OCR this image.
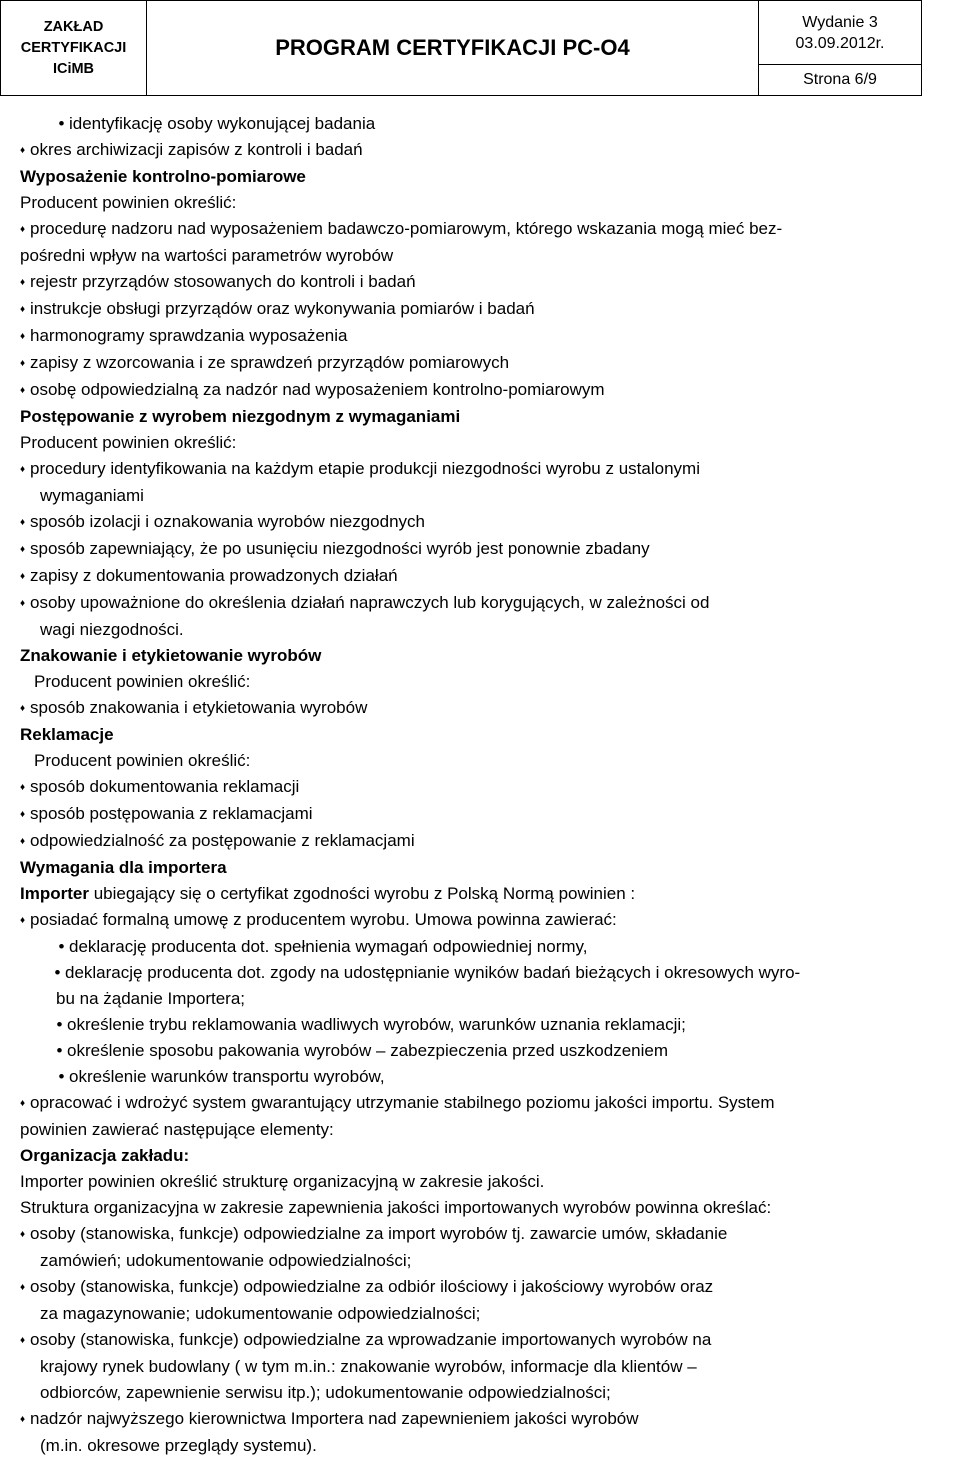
ZAKŁAD
CERTYFIKACJI
ICiMB
PROGRAM CERTYFIKACJI PC-O4
Wydanie 3
03.09.2012r.
Strona 6/9
• identyfikację osoby wykonującej badania
♦ okres archiwizacji zapisów z kontroli i badań
Wyposażenie kontrolno-pomiarowe
Producent powinien określić:
♦ procedurę nadzoru nad wyposażeniem badawczo-pomiarowym, którego wskazania mogą mieć bez-
pośredni wpływ na wartości parametrów wyrobów
♦ rejestr przyrządów stosowanych do kontroli i badań
♦ instrukcje obsługi przyrządów oraz wykonywania pomiarów i badań
♦ harmonogramy sprawdzania wyposażenia
♦ zapisy z wzorcowania i ze sprawdzeń przyrządów pomiarowych
♦ osobę odpowiedzialną za nadzór nad wyposażeniem kontrolno-pomiarowym
Postępowanie z wyrobem niezgodnym z wymaganiami
Producent powinien określić:
♦ procedury identyfikowania na każdym etapie produkcji niezgodności wyrobu z ustalonymi
wymaganiami
♦ sposób izolacji i oznakowania wyrobów niezgodnych
♦ sposób zapewniający, że po usunięciu niezgodności wyrób jest ponownie zbadany
♦ zapisy z dokumentowania prowadzonych działań
♦ osoby upoważnione do określenia działań naprawczych lub korygujących, w zależności od
wagi niezgodności.
Znakowanie i etykietowanie wyrobów
Producent powinien określić:
♦ sposób znakowania i etykietowania wyrobów
Reklamacje
Producent powinien określić:
♦ sposób dokumentowania reklamacji
♦ sposób postępowania z reklamacjami
♦ odpowiedzialność za postępowanie z reklamacjami
Wymagania dla importera
Importer ubiegający się o certyfikat zgodności wyrobu z Polską Normą powinien :
♦ posiadać formalną umowę z producentem wyrobu. Umowa powinna zawierać:
• deklarację producenta dot. spełnienia wymagań odpowiedniej normy,
• deklarację producenta dot. zgody na udostępnianie wyników badań bieżących i okresowych wyro-
bu na żądanie Importera;
• określenie trybu reklamowania wadliwych wyrobów, warunków uznania reklamacji;
• określenie sposobu pakowania wyrobów – zabezpieczenia przed uszkodzeniem
• określenie warunków transportu wyrobów,
♦ opracować i wdrożyć system gwarantujący utrzymanie stabilnego poziomu jakości importu. System
powinien zawierać następujące elementy:
Organizacja zakładu:
Importer powinien określić strukturę organizacyjną w zakresie jakości.
Struktura organizacyjna w zakresie zapewnienia jakości importowanych wyrobów powinna określać:
♦ osoby (stanowiska, funkcje) odpowiedzialne za import wyrobów tj. zawarcie umów, składanie
zamówień; udokumentowanie odpowiedzialności;
♦ osoby (stanowiska, funkcje) odpowiedzialne za odbiór ilościowy i jakościowy wyrobów oraz
za magazynowanie; udokumentowanie odpowiedzialności;
♦ osoby (stanowiska, funkcje) odpowiedzialne za wprowadzanie importowanych wyrobów na
krajowy rynek budowlany ( w tym m.in.: znakowanie wyrobów, informacje dla klientów –
odbiorców, zapewnienie serwisu itp.); udokumentowanie odpowiedzialności;
♦ nadzór najwyższego kierownictwa Importera nad zapewnieniem jakości wyrobów
(m.in. okresowe przeglądy systemu).
